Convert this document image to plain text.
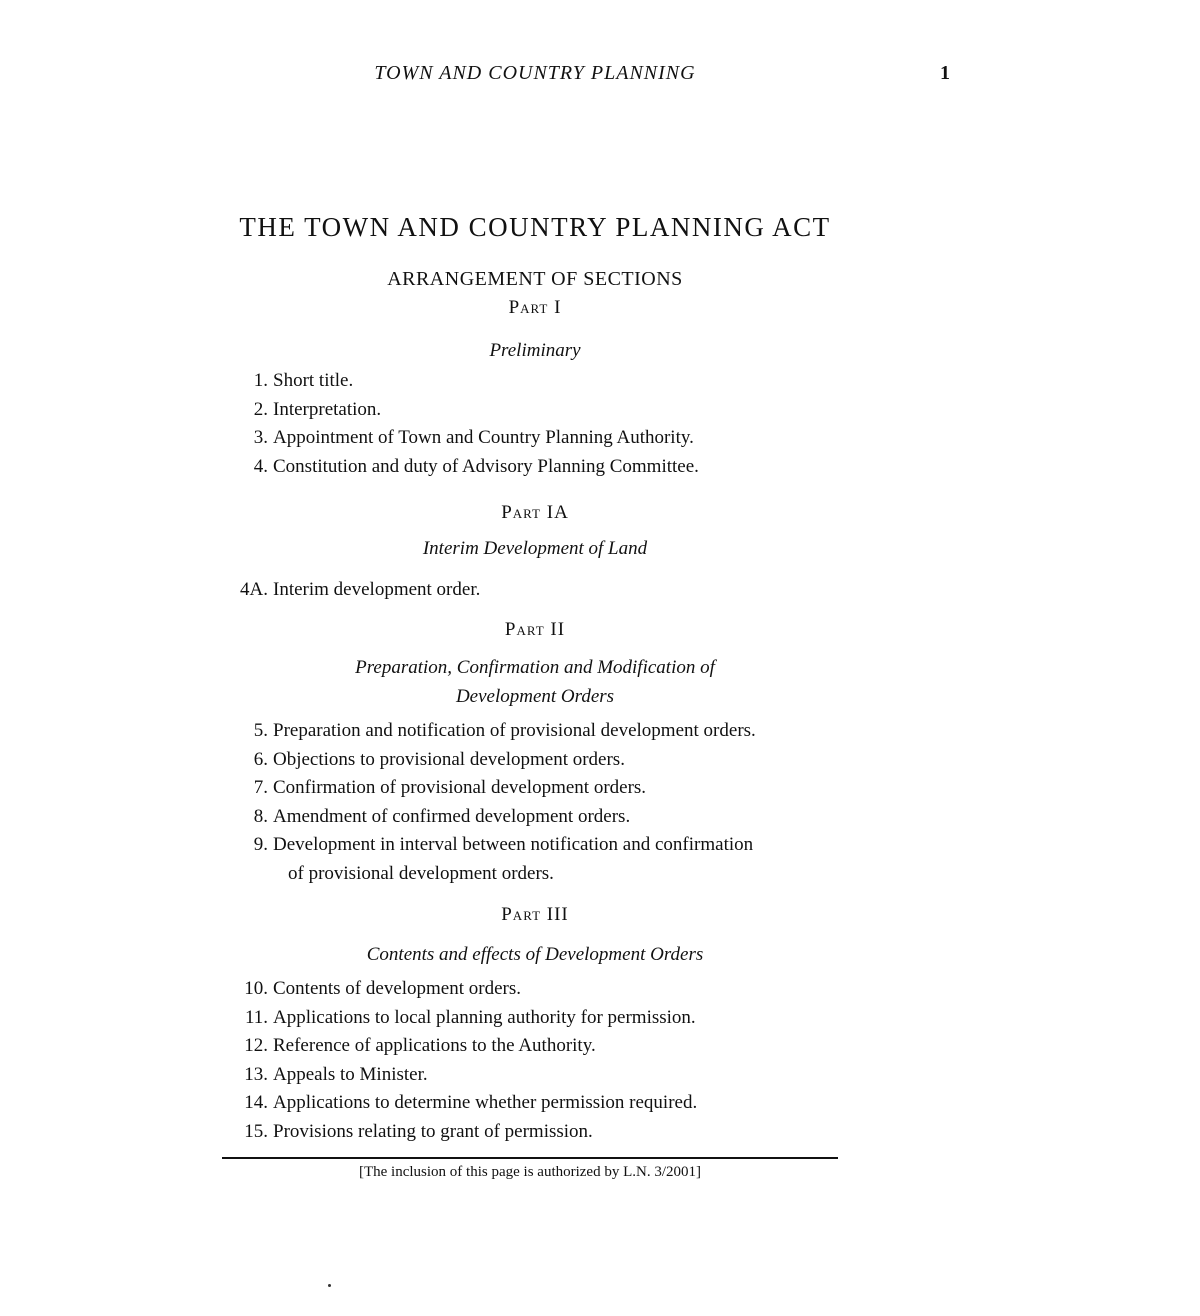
TOWN AND COUNTRY PLANNING	1
THE TOWN AND COUNTRY PLANNING ACT
ARRANGEMENT OF SECTIONS
Part I
Preliminary
1. Short title.
2. Interpretation.
3. Appointment of Town and Country Planning Authority.
4. Constitution and duty of Advisory Planning Committee.
Part IA
Interim Development of Land
4A. Interim development order.
Part II
Preparation, Confirmation and Modification of
Development Orders
5. Preparation and notification of provisional development orders.
6. Objections to provisional development orders.
7. Confirmation of provisional development orders.
8. Amendment of confirmed development orders.
9. Development in interval between notification and confirmation
of provisional development orders.
Part III
Contents and effects of Development Orders
10. Contents of development orders.
11. Applications to local planning authority for permission.
12. Reference of applications to the Authority.
13. Appeals to Minister.
14. Applications to determine whether permission required.
15. Provisions relating to grant of permission.
[The inclusion of this page is authorized by L.N. 3/2001]
